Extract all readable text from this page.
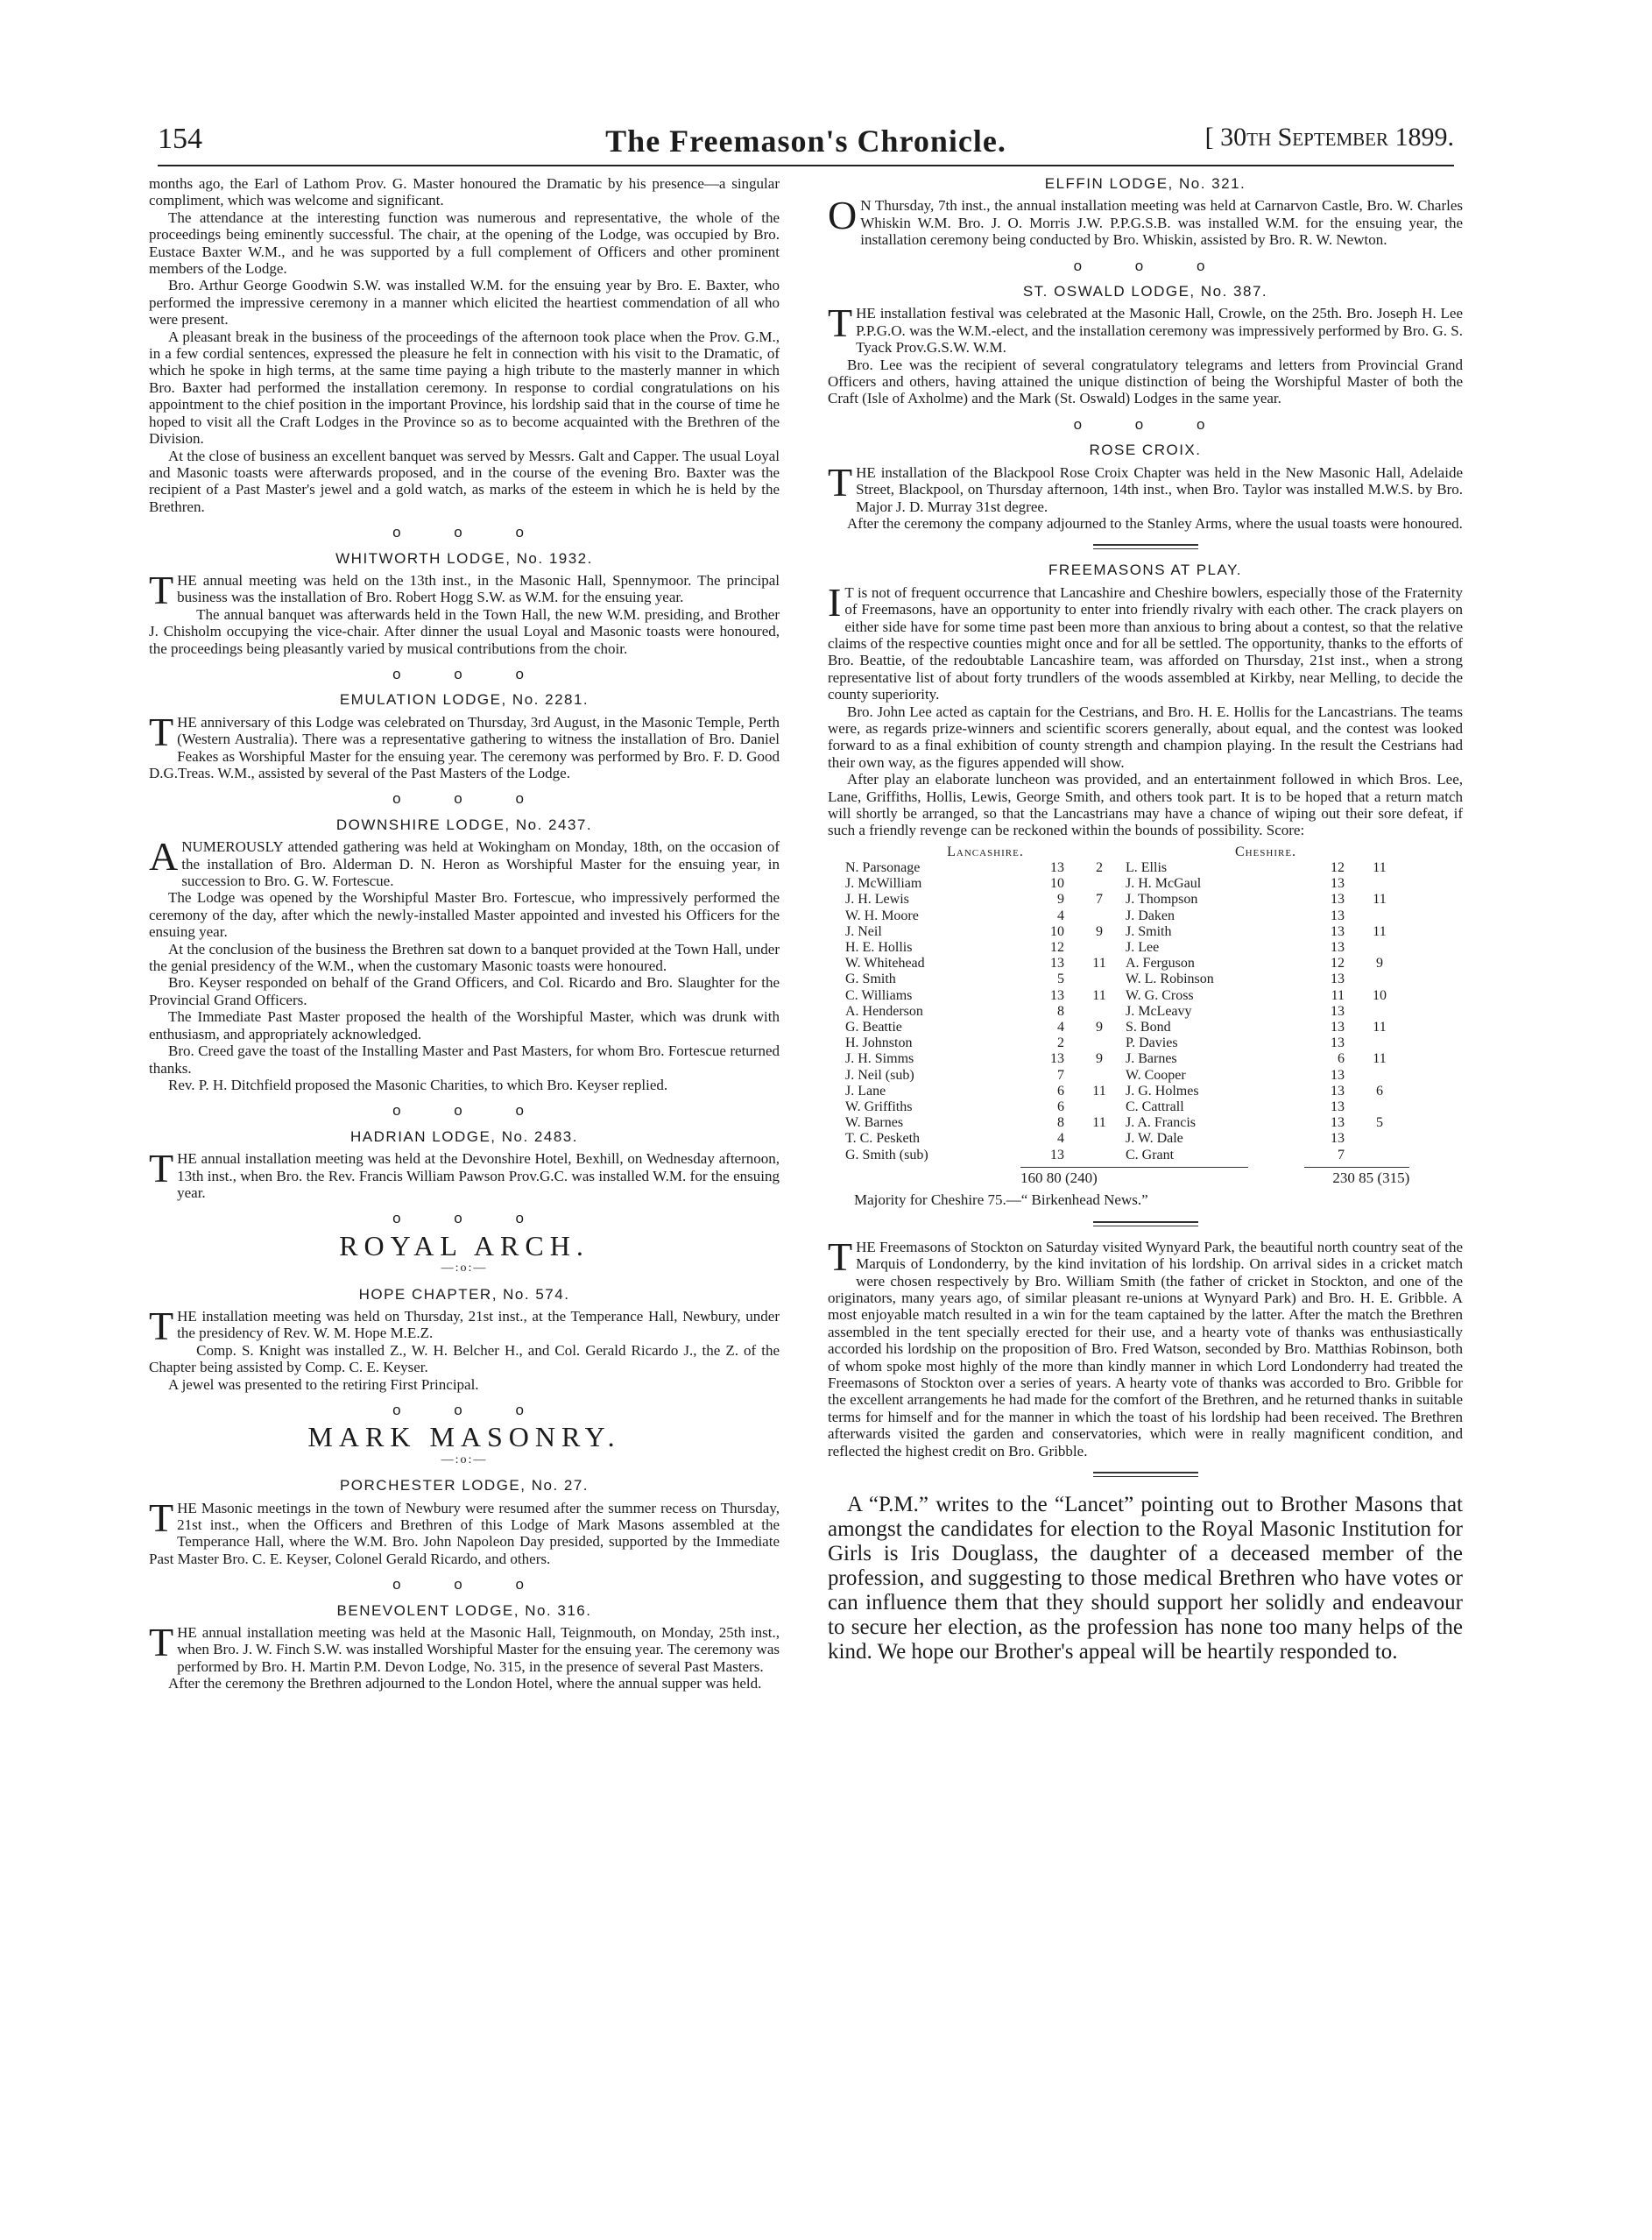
154	The Freemason's Chronicle.	[ 30th September 1899.

months ago, the Earl of Lathom Prov. G. Master honoured the Dramatic by his presence—a singular compliment, which was welcome and significant.

The attendance at the interesting function was numerous and representative, the whole of the proceedings being eminently successful. The chair, at the opening of the Lodge, was occupied by Bro. Eustace Baxter W.M., and he was supported by a full complement of Officers and other prominent members of the Lodge.

Bro. Arthur George Goodwin S.W. was installed W.M. for the ensuing year by Bro. E. Baxter, who performed the impressive ceremony in a manner which elicited the heartiest commendation of all who were present.

A pleasant break in the business of the proceedings of the afternoon took place when the Prov. G.M., in a few cordial sentences, expressed the pleasure he felt in connection with his visit to the Dramatic, of which he spoke in high terms, at the same time paying a high tribute to the masterly manner in which Bro. Baxter had performed the installation ceremony. In response to cordial congratulations on his appointment to the chief position in the important Province, his lordship said that in the course of time he hoped to visit all the Craft Lodges in the Province so as to become acquainted with the Brethren of the Division.

At the close of business an excellent banquet was served by Messrs. Galt and Capper. The usual Loyal and Masonic toasts were afterwards proposed, and in the course of the evening Bro. Baxter was the recipient of a Past Master's jewel and a gold watch, as marks of the esteem in which he is held by the Brethren.

o o o
WHITWORTH LODGE, No. 1932.

THE annual meeting was held on the 13th inst., in the Masonic Hall, Spennymoor. The principal business was the installation of Bro. Robert Hogg S.W. as W.M. for the ensuing year.

The annual banquet was afterwards held in the Town Hall, the new W.M. presiding, and Brother J. Chisholm occupying the vice-chair. After dinner the usual Loyal and Masonic toasts were honoured, the proceedings being pleasantly varied by musical contributions from the choir.

o o o
EMULATION LODGE, No. 2281.

THE anniversary of this Lodge was celebrated on Thursday, 3rd August, in the Masonic Temple, Perth (Western Australia). There was a representative gathering to witness the installation of Bro. Daniel Feakes as Worshipful Master for the ensuing year. The ceremony was performed by Bro. F. D. Good D.G.Treas. W.M., assisted by several of the Past Masters of the Lodge.

o o o
DOWNSHIRE LODGE, No. 2437.

A NUMEROUSLY attended gathering was held at Wokingham on Monday, 18th, on the occasion of the installation of Bro. Alderman D. N. Heron as Worshipful Master for the ensuing year, in succession to Bro. G. W. Fortescue.

The Lodge was opened by the Worshipful Master Bro. Fortescue, who impressively performed the ceremony of the day, after which the newly-installed Master appointed and invested his Officers for the ensuing year.

At the conclusion of the business the Brethren sat down to a banquet provided at the Town Hall, under the genial presidency of the W.M., when the customary Masonic toasts were honoured.

Bro. Keyser responded on behalf of the Grand Officers, and Col. Ricardo and Bro. Slaughter for the Provincial Grand Officers.

The Immediate Past Master proposed the health of the Worshipful Master, which was drunk with enthusiasm, and appropriately acknowledged.

Bro. Creed gave the toast of the Installing Master and Past Masters, for whom Bro. Fortescue returned thanks.

Rev. P. H. Ditchfield proposed the Masonic Charities, to which Bro. Keyser replied.

o o o
HADRIAN LODGE, No. 2483.

THE annual installation meeting was held at the Devonshire Hotel, Bexhill, on Wednesday afternoon, 13th inst., when Bro. the Rev. Francis William Pawson Prov.G.C. was installed W.M. for the ensuing year.

o o o
ROYAL ARCH.
—:o:—
HOPE CHAPTER, No. 574.

THE installation meeting was held on Thursday, 21st inst., at the Temperance Hall, Newbury, under the presidency of Rev. W. M. Hope M.E.Z.

Comp. S. Knight was installed Z., W. H. Belcher H., and Col. Gerald Ricardo J., the Z. of the Chapter being assisted by Comp. C. E. Keyser.

A jewel was presented to the retiring First Principal.

o o o
MARK MASONRY.
—:o:—
PORCHESTER LODGE, No. 27.

THE Masonic meetings in the town of Newbury were resumed after the summer recess on Thursday, 21st inst., when the Officers and Brethren of this Lodge of Mark Masons assembled at the Temperance Hall, where the W.M. Bro. John Napoleon Day presided, supported by the Immediate Past Master Bro. C. E. Keyser, Colonel Gerald Ricardo, and others.

o o o
BENEVOLENT LODGE, No. 316.

THE annual installation meeting was held at the Masonic Hall, Teignmouth, on Monday, 25th inst., when Bro. J. W. Finch S.W. was installed Worshipful Master for the ensuing year. The ceremony was performed by Bro. H. Martin P.M. Devon Lodge, No. 315, in the presence of several Past Masters.

After the ceremony the Brethren adjourned to the London Hotel, where the annual supper was held.

ELFFIN LODGE, No. 321.

O N Thursday, 7th inst., the annual installation meeting was held at Carnarvon Castle, Bro. W. Charles Whiskin W.M. Bro. J. O. Morris J.W. P.P.G.S.B. was installed W.M. for the ensuing year, the installation ceremony being conducted by Bro. Whiskin, assisted by Bro. R. W. Newton.

o o o
ST. OSWALD LODGE, No. 387.

THE installation festival was celebrated at the Masonic Hall, Crowle, on the 25th. Bro. Joseph H. Lee P.P.G.O. was the W.M.-elect, and the installation ceremony was impressively performed by Bro. G. S. Tyack Prov.G.S.W. W.M.

Bro. Lee was the recipient of several congratulatory telegrams and letters from Provincial Grand Officers and others, having attained the unique distinction of being the Worshipful Master of both the Craft (Isle of Axholme) and the Mark (St. Oswald) Lodges in the same year.

o o o
ROSE CROIX.

THE installation of the Blackpool Rose Croix Chapter was held in the New Masonic Hall, Adelaide Street, Blackpool, on Thursday afternoon, 14th inst., when Bro. Taylor was installed M.W.S. by Bro. Major J. D. Murray 31st degree.

After the ceremony the company adjourned to the Stanley Arms, where the usual toasts were honoured.

FREEMASONS AT PLAY.

I T is not of frequent occurrence that Lancashire and Cheshire bowlers, especially those of the Fraternity of Freemasons, have an opportunity to enter into friendly rivalry with each other. The crack players on either side have for some time past been more than anxious to bring about a contest, so that the relative claims of the respective counties might once and for all be settled. The opportunity, thanks to the efforts of Bro. Beattie, of the redoubtable Lancashire team, was afforded on Thursday, 21st inst., when a strong representative list of about forty trundlers of the woods assembled at Kirkby, near Melling, to decide the county superiority.

Bro. John Lee acted as captain for the Cestrians, and Bro. H. E. Hollis for the Lancastrians. The teams were, as regards prize-winners and scientific scorers generally, about equal, and the contest was looked forward to as a final exhibition of county strength and champion playing. In the result the Cestrians had their own way, as the figures appended will show.

After play an elaborate luncheon was provided, and an entertainment followed in which Bros. Lee, Lane, Griffiths, Hollis, Lewis, George Smith, and others took part. It is to be hoped that a return match will shortly be arranged, so that the Lancastrians may have a chance of wiping out their sore defeat, if such a friendly revenge can be reckoned within the bounds of possibility. Score:

Lancashire.			Cheshire.		
N. Parsonage	13	2	L. Ellis	12	11
J. McWilliam	10		J. H. McGaul	13	
J. H. Lewis	9	7	J. Thompson	13	11
W. H. Moore	4		J. Daken	13	
J. Neil	10	9	J. Smith	13	11
H. E. Hollis	12		J. Lee	13	
W. Whitehead	13	11	A. Ferguson	12	9
G. Smith	5		W. L. Robinson	13	
C. Williams	13	11	W. G. Cross	11	10
A. Henderson	8		J. McLeavy	13	
G. Beattie	4	9	S. Bond	13	11
H. Johnston	2		P. Davies	13	
J. H. Simms	13	9	J. Barnes	6	11
J. Neil (sub)	7		W. Cooper	13	
J. Lane	6	11	J. G. Holmes	13	6
W. Griffiths	6		C. Cattrall	13	
W. Barnes	8	11	J. A. Francis	13	5
T. C. Pesketh	4		J. W. Dale	13	
G. Smith (sub)	13		C. Grant	7	
160 80 (240)	230 85 (315)

Majority for Cheshire 75.—“ Birkenhead News.”

THE Freemasons of Stockton on Saturday visited Wynyard Park, the beautiful north country seat of the Marquis of Londonderry, by the kind invitation of his lordship. On arrival sides in a cricket match were chosen respectively by Bro. William Smith (the father of cricket in Stockton, and one of the originators, many years ago, of similar pleasant re-unions at Wynyard Park) and Bro. H. E. Gribble. A most enjoyable match resulted in a win for the team captained by the latter. After the match the Brethren assembled in the tent specially erected for their use, and a hearty vote of thanks was enthusiastically accorded his lordship on the proposition of Bro. Fred Watson, seconded by Bro. Matthias Robinson, both of whom spoke most highly of the more than kindly manner in which Lord Londonderry had treated the Freemasons of Stockton over a series of years. A hearty vote of thanks was accorded to Bro. Gribble for the excellent arrangements he had made for the comfort of the Brethren, and he returned thanks in suitable terms for himself and for the manner in which the toast of his lordship had been received. The Brethren afterwards visited the garden and conservatories, which were in really magnificent condition, and reflected the highest credit on Bro. Gribble.

A “P.M.” writes to the “Lancet” pointing out to Brother Masons that amongst the candidates for election to the Royal Masonic Institution for Girls is Iris Douglass, the daughter of a deceased member of the profession, and suggesting to those medical Brethren who have votes or can influence them that they should support her solidly and endeavour to secure her election, as the profession has none too many helps of the kind. We hope our Brother's appeal will be heartily responded to.
